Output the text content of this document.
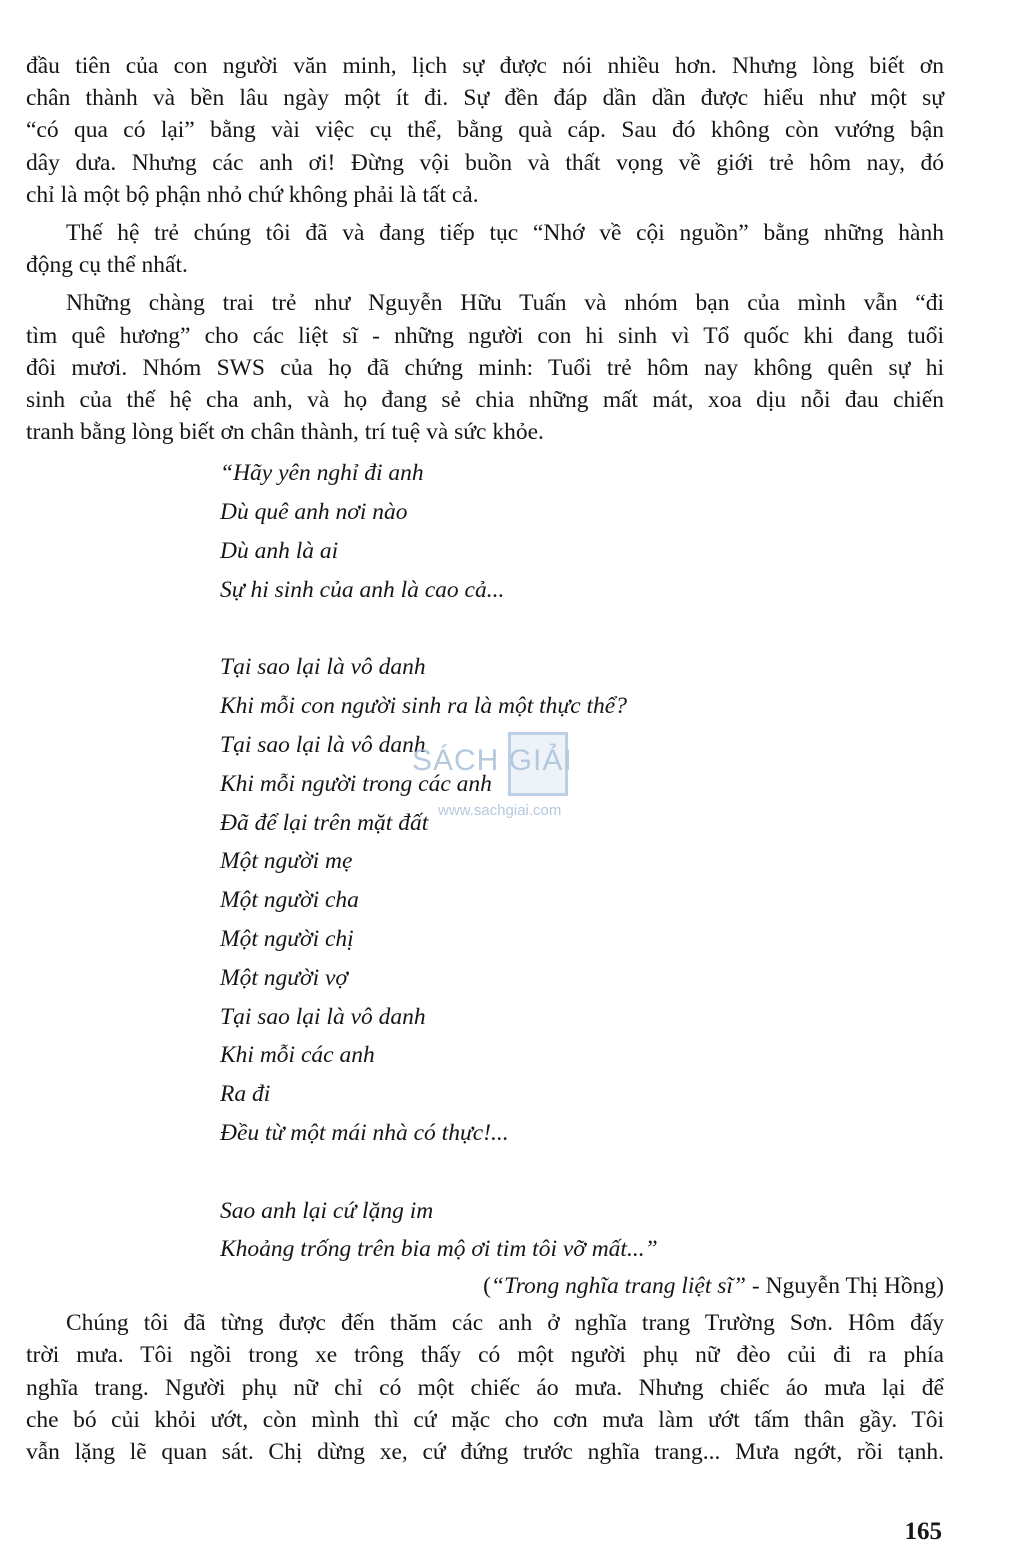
đầu tiên của con người văn minh, lịch sự được nói nhiều hơn. Nhưng lòng biết ơn
chân thành và bền lâu ngày một ít đi. Sự đền đáp dần dần được hiểu như một sự
“có qua có lại” bằng vài việc cụ thể, bằng quà cáp. Sau đó không còn vướng bận
dây dưa. Nhưng các anh ơi! Đừng vội buồn và thất vọng về giới trẻ hôm nay, đó
chỉ là một bộ phận nhỏ chứ không phải là tất cả.
Thế hệ trẻ chúng tôi đã và đang tiếp tục “Nhớ về cội nguồn” bằng những hành
động cụ thể nhất.
Những chàng trai trẻ như Nguyễn Hữu Tuấn và nhóm bạn của mình vẫn “đi
tìm quê hương” cho các liệt sĩ - những người con hi sinh vì Tổ quốc khi đang tuổi
đôi mươi. Nhóm SWS của họ đã chứng minh: Tuổi trẻ hôm nay không quên sự hi
sinh của thế hệ cha anh, và họ đang sẻ chia những mất mát, xoa dịu nỗi đau chiến
tranh bằng lòng biết ơn chân thành, trí tuệ và sức khỏe.
“Hãy yên nghỉ đi anh
Dù quê anh nơi nào
Dù anh là ai
Sự hi sinh của anh là cao cả...
Tại sao lại là vô danh
Khi mỗi con người sinh ra là một thực thể?
Tại sao lại là vô danh
Khi mỗi người trong các anh
Đã để lại trên mặt đất
Một người mẹ
Một người cha
Một người chị
Một người vợ
Tại sao lại là vô danh
Khi mỗi các anh
Ra đi
Đều từ một mái nhà có thực!...
Sao anh lại cứ lặng im
Khoảng trống trên bia mộ ơi tim tôi vỡ mất...”
(“Trong nghĩa trang liệt sĩ” - Nguyễn Thị Hồng)
Chúng tôi đã từng được đến thăm các anh ở nghĩa trang Trường Sơn. Hôm đấy
trời mưa. Tôi ngồi trong xe trông thấy có một người phụ nữ đèo củi đi ra phía
nghĩa trang. Người phụ nữ chỉ có một chiếc áo mưa. Nhưng chiếc áo mưa lại để
che bó củi khỏi ướt, còn mình thì cứ mặc cho cơn mưa làm ướt tấm thân gầy. Tôi
vẫn lặng lẽ quan sát. Chị dừng xe, cứ đứng trước nghĩa trang... Mưa ngớt, rồi tạnh.
SÁCH GIẢI
www.sachgiai.com
165
